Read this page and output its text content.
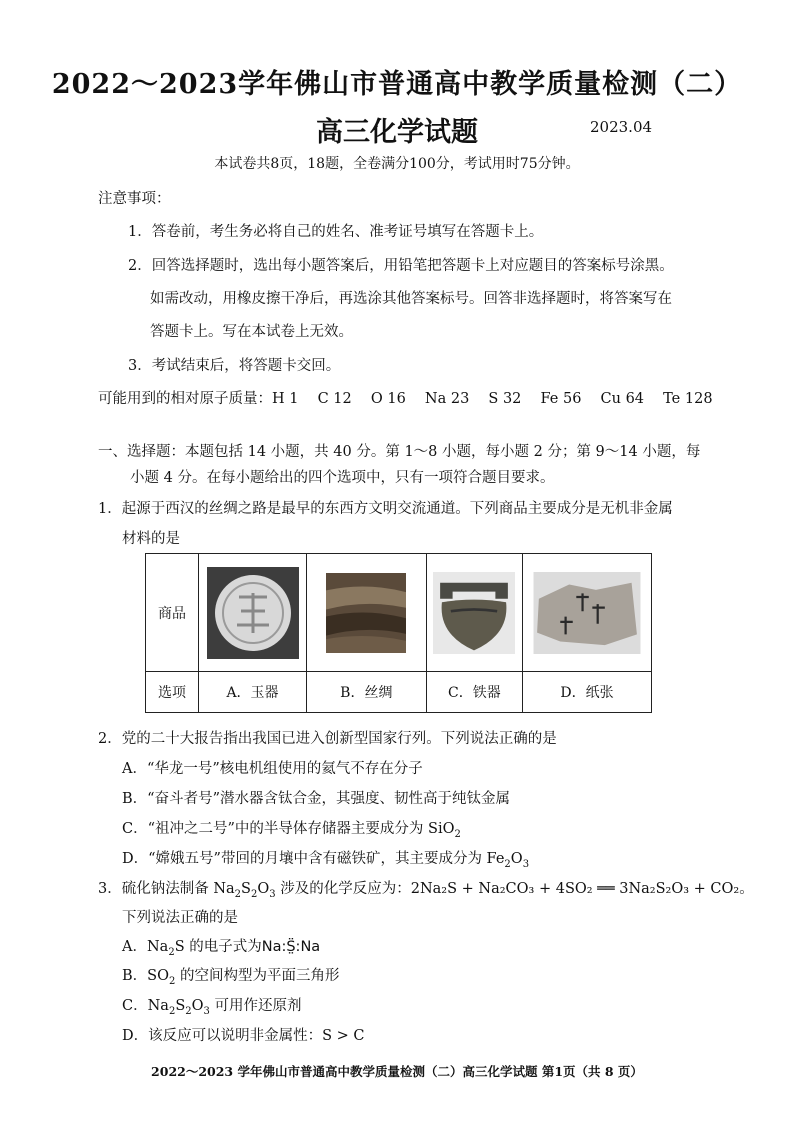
2022～2023学年佛山市普通高中教学质量检测（二）
高三化学试题	2023.04
本试卷共8页，18题，全卷满分100分，考试用时75分钟。
注意事项：
1．答卷前，考生务必将自己的姓名、准考证号填写在答题卡上。
2．回答选择题时，选出每小题答案后，用铅笔把答题卡上对应题目的答案标号涂黑。
如需改动，用橡皮擦干净后，再选涂其他答案标号。回答非选择题时，将答案写在
答题卡上。写在本试卷上无效。
3．考试结束后，将答题卡交回。
可能用到的相对原子质量：H 1　 C 12　 O 16　 Na 23　 S 32　 Fe 56　 Cu 64　 Te 128
一、选择题：本题包括 14 小题，共 40 分。第 1～8 小题，每小题 2 分；第 9～14 小题，每
小题 4 分。在每小题给出的四个选项中，只有一项符合题目要求。
1．起源于西汉的丝绸之路是最早的东西方文明交流通道。下列商品主要成分是无机非金属
材料的是
商品	

选项	A．玉器	B．丝绸	C．铁器	D．纸张
2．党的二十大报告指出我国已进入创新型国家行列。下列说法正确的是
A．“华龙一号”核电机组使用的氦气不存在分子
B．“奋斗者号”潜水器含钛合金，其强度、韧性高于纯钛金属
C．“祖冲之二号”中的半导体存储器主要成分为 SiO$_2$
D．“嫦娥五号”带回的月壤中含有磁铁矿，其主要成分为 $Fe_2O_3$
3．硫化钠法制备 $Na_2S_2O_3$ 涉及的化学反应为：2Na₂S + Na₂CO₃ + 4SO₂ ══ 3Na₂S₂O₃ + CO₂。
下列说法正确的是
A．$Na_2S$ 的电子式为Na:S̤̈:Na
B．$SO_2$ 的空间构型为平面三角形
C．$Na_2S_2O_3$ 可用作还原剂
D．该反应可以说明非金属性：S > C
2022～2023 学年佛山市普通高中教学质量检测（二）高三化学试题 第1页（共 8 页）
